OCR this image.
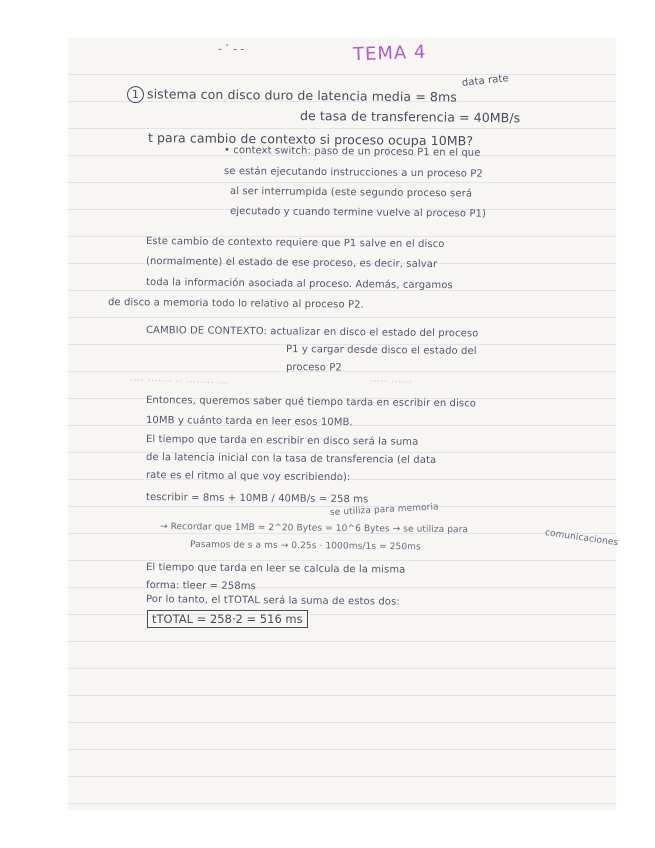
- ` - -	TEMA 4
1 sistema con disco duro de latencia media = 8ms
data rate
de tasa de transferencia = 40MB/s
t para cambio de contexto si proceso ocupa 10MB?
• context switch: paso de un proceso P1 en el que
se están ejecutando instrucciones a un proceso P2
al ser interrumpida (este segundo proceso será
ejecutado y cuando termine vuelve al proceso P1)
Este cambio de contexto requiere que P1 salve en el disco
(normalmente) el estado de ese proceso, es decir, salvar
toda la información asociada al proceso. Además, cargamos
de disco a memoria todo lo relativo al proceso P2.
CAMBIO DE CONTEXTO: actualizar en disco el estado del proceso
P1 y cargar desde disco el estado del
proceso P2
.... ....... .. ........ ...	..... ......
Entonces, queremos saber qué tiempo tarda en escribir en disco
10MB y cuánto tarda en leer esos 10MB.
El tiempo que tarda en escribir en disco será la suma
de la latencia inicial con la tasa de transferencia (el data
rate es el ritmo al que voy escribiendo):
tescribir = 8ms + 10MB / 40MB/s = 258 ms
se utiliza para memoria
→ Recordar que 1MB = 2^20 Bytes = 10^6 Bytes → se utiliza para	comunicaciones
Pasamos de s a ms → 0.25s · 1000ms/1s = 250ms
El tiempo que tarda en leer se calcula de la misma
forma: tleer = 258ms
Por lo tanto, el tTOTAL será la suma de estos dos:
tTOTAL = 258·2 = 516 ms
